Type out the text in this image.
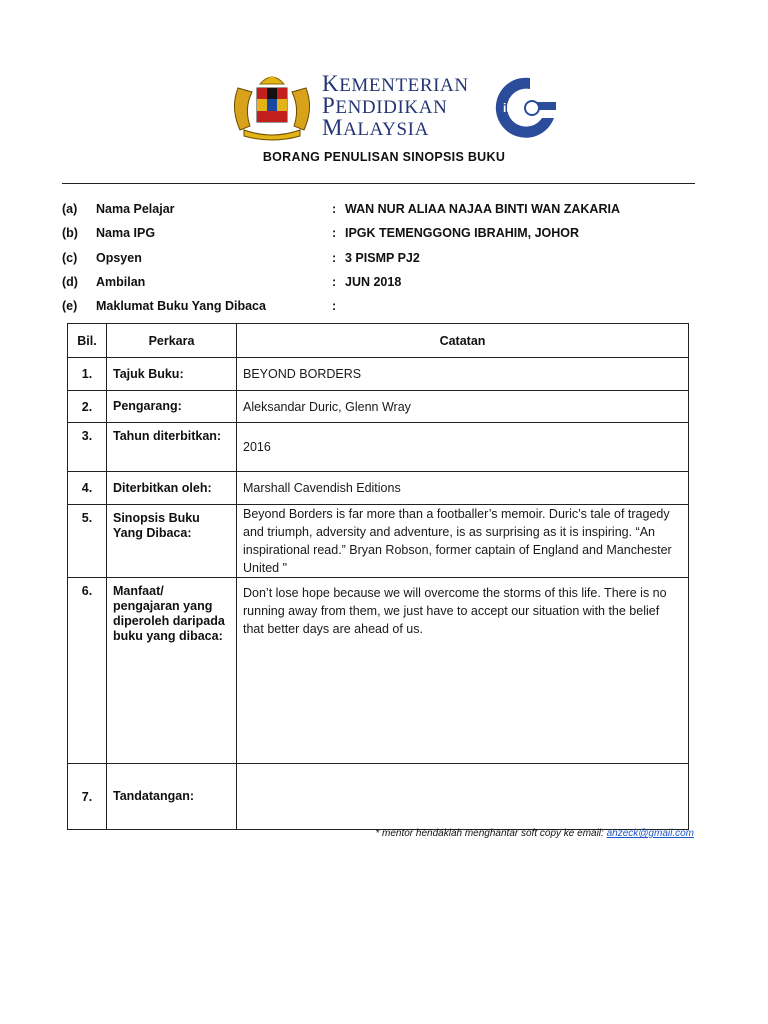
KEMENTERIAN
PENDIDIKAN
MALAYSIA
iPG
BORANG PENULISAN SINOPSIS BUKU
(a) Nama Pelajar	: WAN NUR ALIAA NAJAA BINTI WAN ZAKARIA
(b) Nama IPG	: IPGK TEMENGGONG IBRAHIM, JOHOR
(c) Opsyen	: 3 PISMP PJ2
(d) Ambilan	: JUN 2018
(e) Maklumat Buku Yang Dibaca	:
Bil.	Perkara	Catatan
1.	Tajuk Buku:	BEYOND BORDERS
2.	Pengarang:	Aleksandar Duric, Glenn Wray
3.	Tahun diterbitkan:	2016
4.	Diterbitkan oleh:	Marshall Cavendish Editions
5.	Sinopsis Buku Yang Dibaca:	Beyond Borders is far more than a footballer’s memoir. Duric’s tale of tragedy and triumph, adversity and adventure, is as surprising as it is inspiring. “An inspirational read.” Bryan Robson, former captain of England and Manchester United "
6.	Manfaat/ pengajaran yang diperoleh daripada buku yang dibaca:	Don’t lose hope because we will overcome the storms of this life. There is no running away from them, we just have to accept our situation with the belief that better days are ahead of us.
7.	Tandatangan:	
* mentor hendaklah menghantar soft copy ke email: ahzeck@gmail.com
